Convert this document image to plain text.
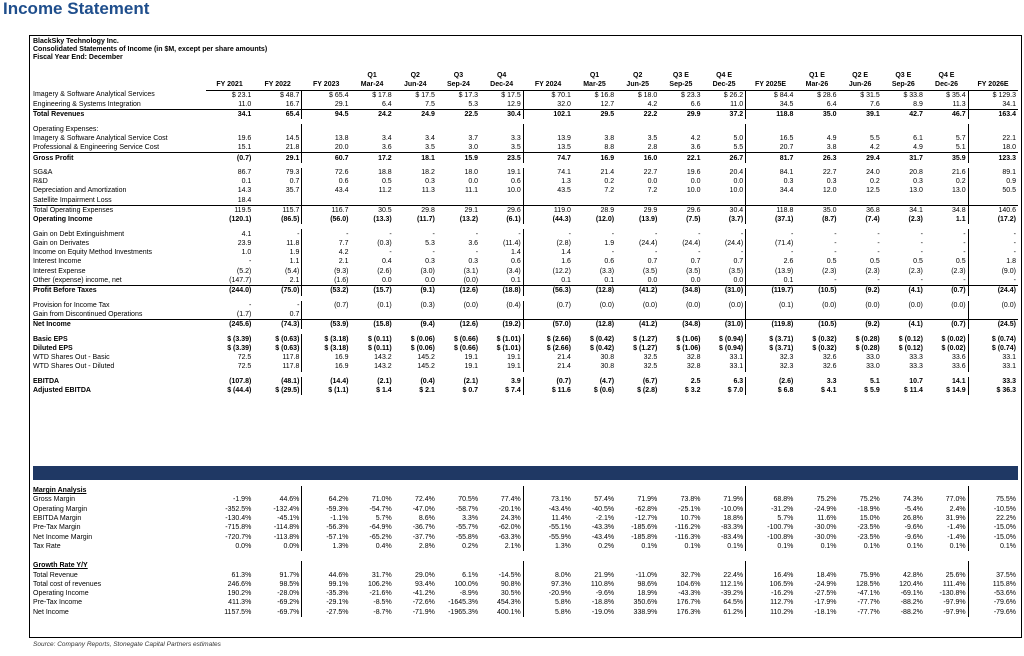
Income Statement
BlackSky Technology Inc.
Consolidated Statements of Income (in $M, except per share amounts)
Fiscal Year End: December
				Q1	Q2	Q3	Q4		Q1	Q2	Q3 E	Q4 E		Q1 E	Q2 E	Q3 E	Q4 E	
	FY 2021	FY 2022	FY 2023	Mar-24	Jun-24	Sep-24	Dec-24	FY 2024	Mar-25	Jun-25	Sep-25	Dec-25	FY 2025E	Mar-26	Jun-26	Sep-26	Dec-26	FY 2026E
Imagery & Software Analytical Services	$ 23.1	$ 48.7	$ 65.4	$ 17.8	$ 17.5	$ 17.3	$ 17.5	$ 70.1	$ 16.8	$ 18.0	$ 23.3	$ 26.2	$ 84.4	$ 28.6	$ 31.5	$ 33.8	$ 35.4	$ 129.3
Engineering & Systems Integration	11.0	16.7	29.1	6.4	7.5	5.3	12.9	32.0	12.7	4.2	6.6	11.0	34.5	6.4	7.6	8.9	11.3	34.1
Total Revenues	34.1	65.4	94.5	24.2	24.9	22.5	30.4	102.1	29.5	22.2	29.9	37.2	118.8	35.0	39.1	42.7	46.7	163.4

Operating Expenses:																		
Imagery & Software Analytical Service Cost	19.6	14.5	13.8	3.4	3.4	3.7	3.3	13.9	3.8	3.5	4.2	5.0	16.5	4.9	5.5	6.1	5.7	22.1
Professional & Engineering Service Cost	15.1	21.8	20.0	3.6	3.5	3.0	3.5	13.5	8.8	2.8	3.6	5.5	20.7	3.8	4.2	4.9	5.1	18.0
Gross Profit	(0.7)	29.1	60.7	17.2	18.1	15.9	23.5	74.7	16.9	16.0	22.1	26.7	81.7	26.3	29.4	31.7	35.9	123.3

SG&A	86.7	79.3	72.6	18.8	18.2	18.0	19.1	74.1	21.4	22.7	19.6	20.4	84.1	22.7	24.0	20.8	21.6	89.1
R&D	0.1	0.7	0.6	0.5	0.3	0.0	0.6	1.3	0.2	0.0	0.0	0.0	0.3	0.3	0.2	0.3	0.2	0.9
Depreciation and Amortization	14.3	35.7	43.4	11.2	11.3	11.1	10.0	43.5	7.2	7.2	10.0	10.0	34.4	12.0	12.5	13.0	13.0	50.5
Satellite Impairment Loss	18.4																	
Total Operating Expenses	119.5	115.7	116.7	30.5	29.8	29.1	29.6	119.0	28.9	29.9	29.6	30.4	118.8	35.0	36.8	34.1	34.8	140.6
Operating Income	(120.1)	(86.5)	(56.0)	(13.3)	(11.7)	(13.2)	(6.1)	(44.3)	(12.0)	(13.9)	(7.5)	(3.7)	(37.1)	(8.7)	(7.4)	(2.3)	1.1	(17.2)

Gain on Debt Extinguishment	4.1	-	-	-	-	-	-	-	-	-	-	-	-	-	-	-	-	-
Gain on Derivates	23.9	11.8	7.7	(0.3)	5.3	3.6	(11.4)	(2.8)	1.9	(24.4)	(24.4)	(24.4)	(71.4)	-	-	-	-	-
Income on Equity Method Investments	1.0	1.9	4.2	-	-	-	1.4	1.4	-	-	-	-	-	-	-	-	-	-
Interest Income	-	1.1	2.1	0.4	0.3	0.3	0.6	1.6	0.6	0.7	0.7	0.7	2.6	0.5	0.5	0.5	0.5	1.8
Interest Expense	(5.2)	(5.4)	(9.3)	(2.6)	(3.0)	(3.1)	(3.4)	(12.2)	(3.3)	(3.5)	(3.5)	(3.5)	(13.9)	(2.3)	(2.3)	(2.3)	(2.3)	(9.0)
Other (expense) income, net	(147.7)	2.1	(1.6)	0.0	0.0	(0.0)	0.1	0.1	0.1	0.0	0.0	0.0	0.1	-	-	-	-	-
Profit Before Taxes	(244.0)	(75.0)	(53.2)	(15.7)	(9.1)	(12.6)	(18.8)	(56.3)	(12.8)	(41.2)	(34.8)	(31.0)	(119.7)	(10.5)	(9.2)	(4.1)	(0.7)	(24.4)

Provision for Income Tax	-	-	(0.7)	(0.1)	(0.3)	(0.0)	(0.4)	(0.7)	(0.0)	(0.0)	(0.0)	(0.0)	(0.1)	(0.0)	(0.0)	(0.0)	(0.0)	(0.0)
Gain from Discontinued Operations	(1.7)	0.7																
Net Income	(245.6)	(74.3)	(53.9)	(15.8)	(9.4)	(12.6)	(19.2)	(57.0)	(12.8)	(41.2)	(34.8)	(31.0)	(119.8)	(10.5)	(9.2)	(4.1)	(0.7)	(24.5)

Basic EPS	$ (3.39)	$ (0.63)	$ (3.18)	$ (0.11)	$ (0.06)	$ (0.66)	$ (1.01)	$ (2.66)	$ (0.42)	$ (1.27)	$ (1.06)	$ (0.94)	$ (3.71)	$ (0.32)	$ (0.28)	$ (0.12)	$ (0.02)	$ (0.74)
Diluted EPS	$ (3.39)	$ (0.63)	$ (3.18)	$ (0.11)	$ (0.06)	$ (0.66)	$ (1.01)	$ (2.66)	$ (0.42)	$ (1.27)	$ (1.06)	$ (0.94)	$ (3.71)	$ (0.32)	$ (0.28)	$ (0.12)	$ (0.02)	$ (0.74)
WTD Shares Out - Basic	72.5	117.8	16.9	143.2	145.2	19.1	19.1	21.4	30.8	32.5	32.8	33.1	32.3	32.6	33.0	33.3	33.6	33.1
WTD Shares Out - Diluted	72.5	117.8	16.9	143.2	145.2	19.1	19.1	21.4	30.8	32.5	32.8	33.1	32.3	32.6	33.0	33.3	33.6	33.1

EBITDA	(107.8)	(48.1)	(14.4)	(2.1)	(0.4)	(2.1)	3.9	(0.7)	(4.7)	(6.7)	2.5	6.3	(2.6)	3.3	5.1	10.7	14.1	33.3
Adjusted EBITDA	$ (44.4)	$ (29.5)	$ (1.1)	$ 1.4	$ 2.1	$ 0.7	$ 7.4	$ 11.6	$ (0.6)	$ (2.8)	$ 3.2	$ 7.0	$ 6.8	$ 4.1	$ 5.9	$ 11.4	$ 14.9	$ 36.3
Margin Analysis																		
Gross Margin	-1.9%	44.6%	64.2%	71.0%	72.4%	70.5%	77.4%	73.1%	57.4%	71.9%	73.8%	71.9%	68.8%	75.2%	75.2%	74.3%	77.0%	75.5%
Operating Margin	-352.5%	-132.4%	-59.3%	-54.7%	-47.0%	-58.7%	-20.1%	-43.4%	-40.5%	-62.8%	-25.1%	-10.0%	-31.2%	-24.9%	-18.9%	-5.4%	2.4%	-10.5%
EBITDA Margin	-130.4%	-45.1%	-1.1%	5.7%	8.6%	3.3%	24.3%	11.4%	-2.1%	-12.7%	10.7%	18.8%	5.7%	11.6%	15.0%	26.8%	31.9%	22.2%
Pre-Tax Margin	-715.8%	-114.8%	-56.3%	-64.9%	-36.7%	-55.7%	-62.0%	-55.1%	-43.3%	-185.6%	-116.2%	-83.3%	-100.7%	-30.0%	-23.5%	-9.6%	-1.4%	-15.0%
Net Income Margin	-720.7%	-113.8%	-57.1%	-65.2%	-37.7%	-55.8%	-63.3%	-55.9%	-43.4%	-185.8%	-116.3%	-83.4%	-100.8%	-30.0%	-23.5%	-9.6%	-1.4%	-15.0%
Tax Rate	0.0%	0.0%	1.3%	0.4%	2.8%	0.2%	2.1%	1.3%	0.2%	0.1%	0.1%	0.1%	0.1%	0.1%	0.1%	0.1%	0.1%	0.1%

Growth Rate Y/Y																		
Total Revenue	61.3%	91.7%	44.6%	31.7%	29.0%	6.1%	-14.5%	8.0%	21.9%	-11.0%	32.7%	22.4%	16.4%	18.4%	75.9%	42.8%	25.6%	37.5%
Total cost of revenues	246.6%	98.5%	99.1%	106.2%	93.4%	100.0%	90.8%	97.3%	110.8%	98.6%	104.6%	112.1%	106.5%	-24.9%	128.5%	120.4%	111.4%	115.8%
Operating Income	190.2%	-28.0%	-35.3%	-21.6%	-41.2%	-8.9%	30.5%	-20.9%	-9.6%	18.9%	-43.3%	-39.2%	-16.2%	-27.5%	-47.1%	-69.1%	-130.8%	-53.6%
Pre-Tax Income	411.3%	-69.2%	-29.1%	-8.5%	-72.6%	-1645.3%	454.3%	5.8%	-18.8%	350.6%	176.7%	64.5%	112.7%	-17.9%	-77.7%	-88.2%	-97.9%	-79.6%
Net Income	1157.5%	-69.7%	-27.5%	-8.7%	-71.9%	-1965.3%	400.1%	5.8%	-19.0%	338.9%	176.3%	61.2%	110.2%	-18.1%	-77.7%	-88.2%	-97.9%	-79.6%
Source: Company Reports, Stonegate Capital Partners estimates
